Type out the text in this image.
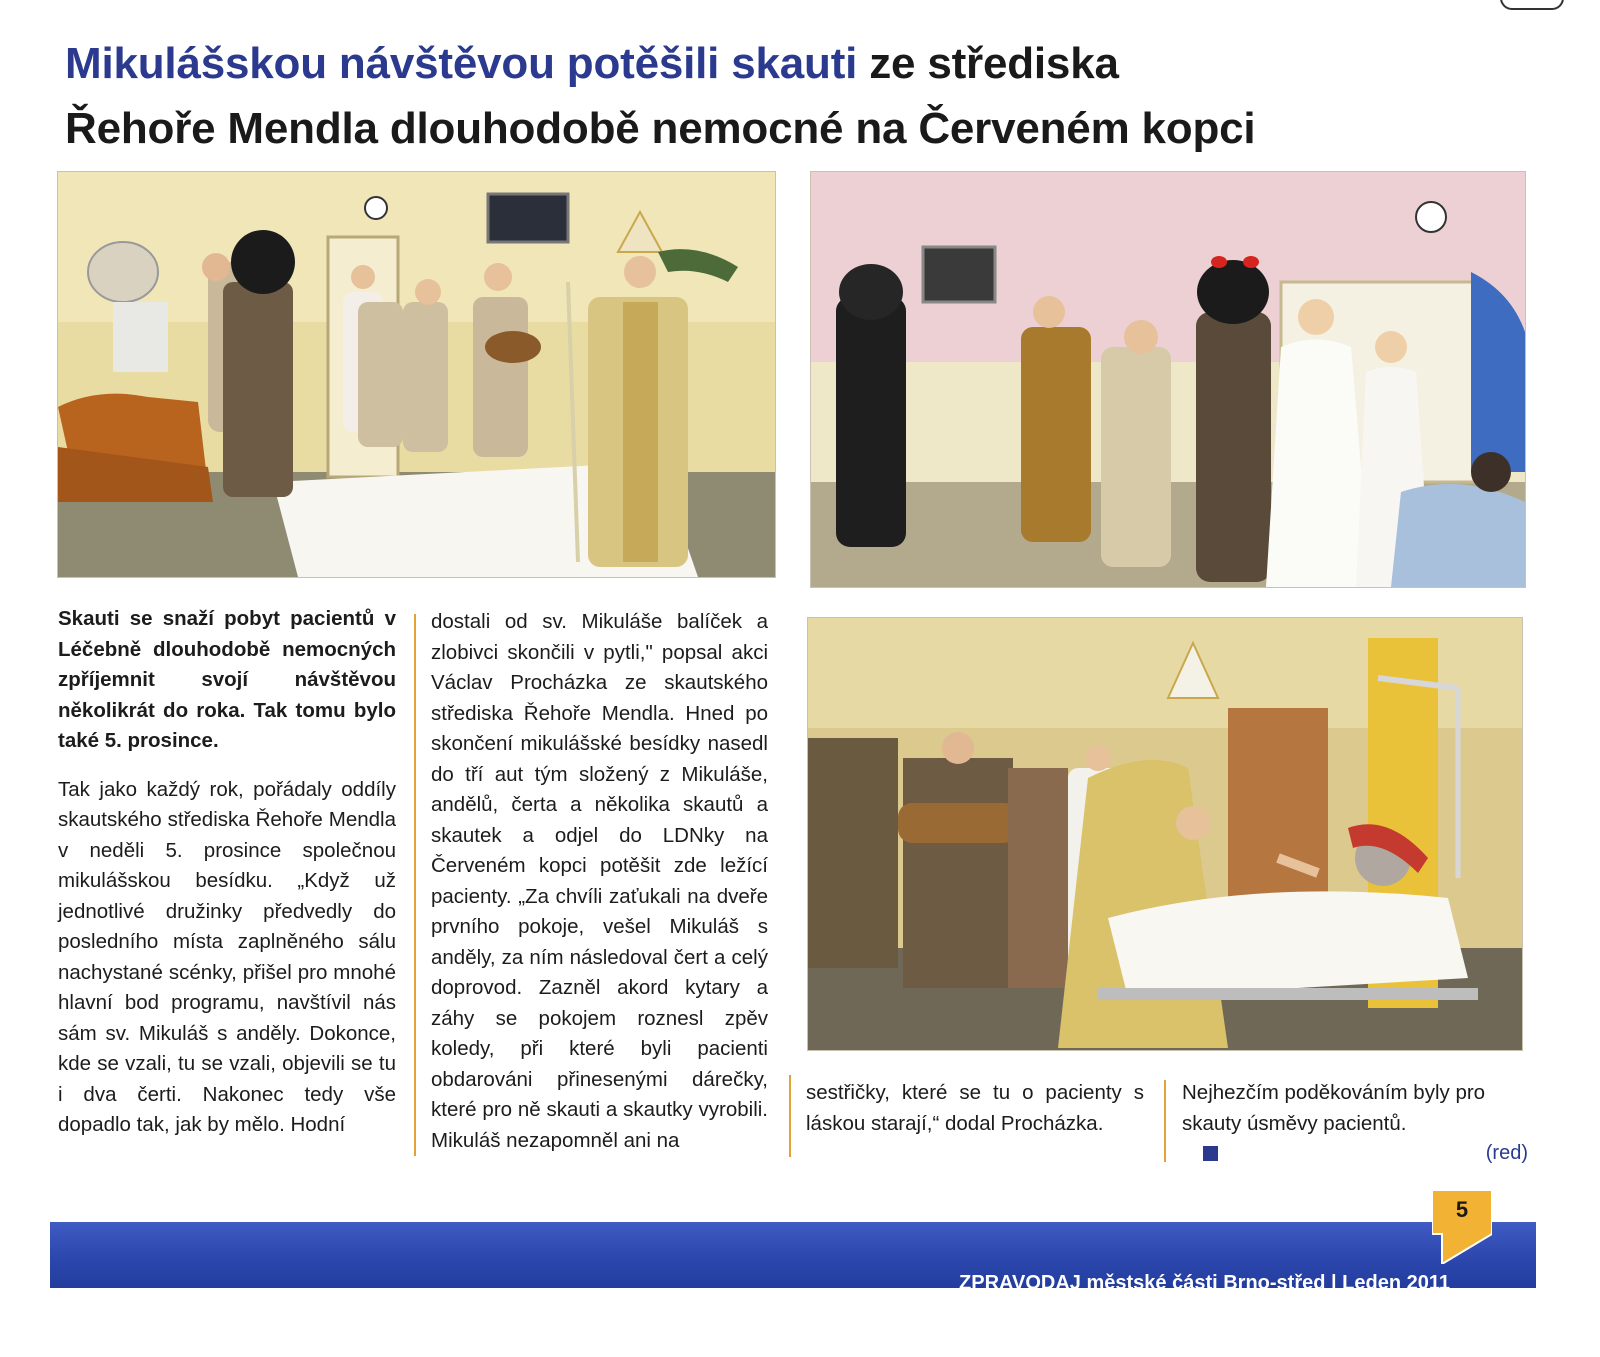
Mikulášskou návštěvou potěšili skauti ze střediska
Řehoře Mendla dlouhodobě nemocné na Červeném kopci

Skauti se snaží pobyt pacientů v Léčebně dlouhodobě nemocných zpříjemnit svojí návštěvou několikrát do roka. Tak tomu bylo také 5. prosince.

Tak jako každý rok, pořádaly oddíly skautského střediska Řehoře Mendla v neděli 5. prosince společnou mikulášskou besídku. „Když už jednotlivé družinky předvedly do posledního místa zaplněného sálu nachystané scénky, přišel pro mnohé hlavní bod programu, navštívil nás sám sv. Mikuláš s anděly. Dokonce, kde se vzali, tu se vzali, objevili se tu i dva čerti. Nakonec tedy vše dopadlo tak, jak by mělo. Hodní

dostali od sv. Mikuláše balíček a zlobivci skončili v pytli," popsal akci Václav Procházka ze skautského střediska Řehoře Mendla. Hned po skončení mikulášské besídky nasedl do tří aut tým složený z Mikuláše, andělů, čerta a několika skautů a skautek a odjel do LDNky na Červeném kopci potěšit zde ležící pacienty. „Za chvíli zaťukali na dveře prvního pokoje, vešel Mikuláš s anděly, za ním následoval čert a celý doprovod. Zazněl akord kytary a záhy se pokojem roznesl zpěv koledy, při které byli pacienti obdarováni přinesenými dárečky, které pro ně skauti a skautky vyrobili. Mikuláš nezapomněl ani na

sestřičky, které se tu o pacienty s láskou starají,“ dodal Procházka.

Nejhezčím poděkováním byly pro skauty úsměvy pacientů.

(red)
5
ZPRAVODAJ městské části Brno-střed | Leden 2011
